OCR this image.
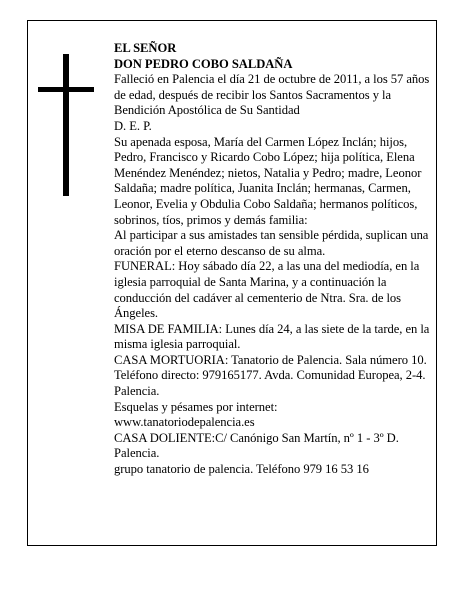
EL SEÑOR

DON PEDRO COBO SALDAÑA

Falleció en Palencia el día 21 de octubre de 2011, a los 57 años de edad, después de recibir los Santos Sacramentos y la Bendición Apostólica de Su Santidad

D. E. P.

Su apenada esposa, María del Carmen López Inclán; hijos, Pedro, Francisco y Ricardo Cobo López; hija política, Elena Menéndez Menéndez; nietos, Natalia y Pedro; madre, Leonor Saldaña; madre política, Juanita Inclán; hermanas, Carmen, Leonor, Evelia y Obdulia Cobo Saldaña; hermanos políticos, sobrinos, tíos, primos y demás familia:

Al participar a sus amistades tan sensible pérdida, suplican una oración por el eterno descanso de su alma.

FUNERAL: Hoy sábado día 22, a las una del mediodía, en la iglesia parroquial de Santa Marina, y a continuación la conducción del cadáver al cementerio de Ntra. Sra. de los Ángeles.

MISA DE FAMILIA: Lunes día 24, a las siete de la tarde, en la misma iglesia parroquial.

CASA MORTUORIA: Tanatorio de Palencia. Sala número 10. Teléfono directo: 979165177. Avda. Comunidad Europea, 2-4. Palencia.

Esquelas y pésames por internet:

www.tanatoriodepalencia.es

CASA DOLIENTE:C/ Canónigo San Martín, nº 1 - 3º D. Palencia.

grupo tanatorio de palencia. Teléfono 979 16 53 16
